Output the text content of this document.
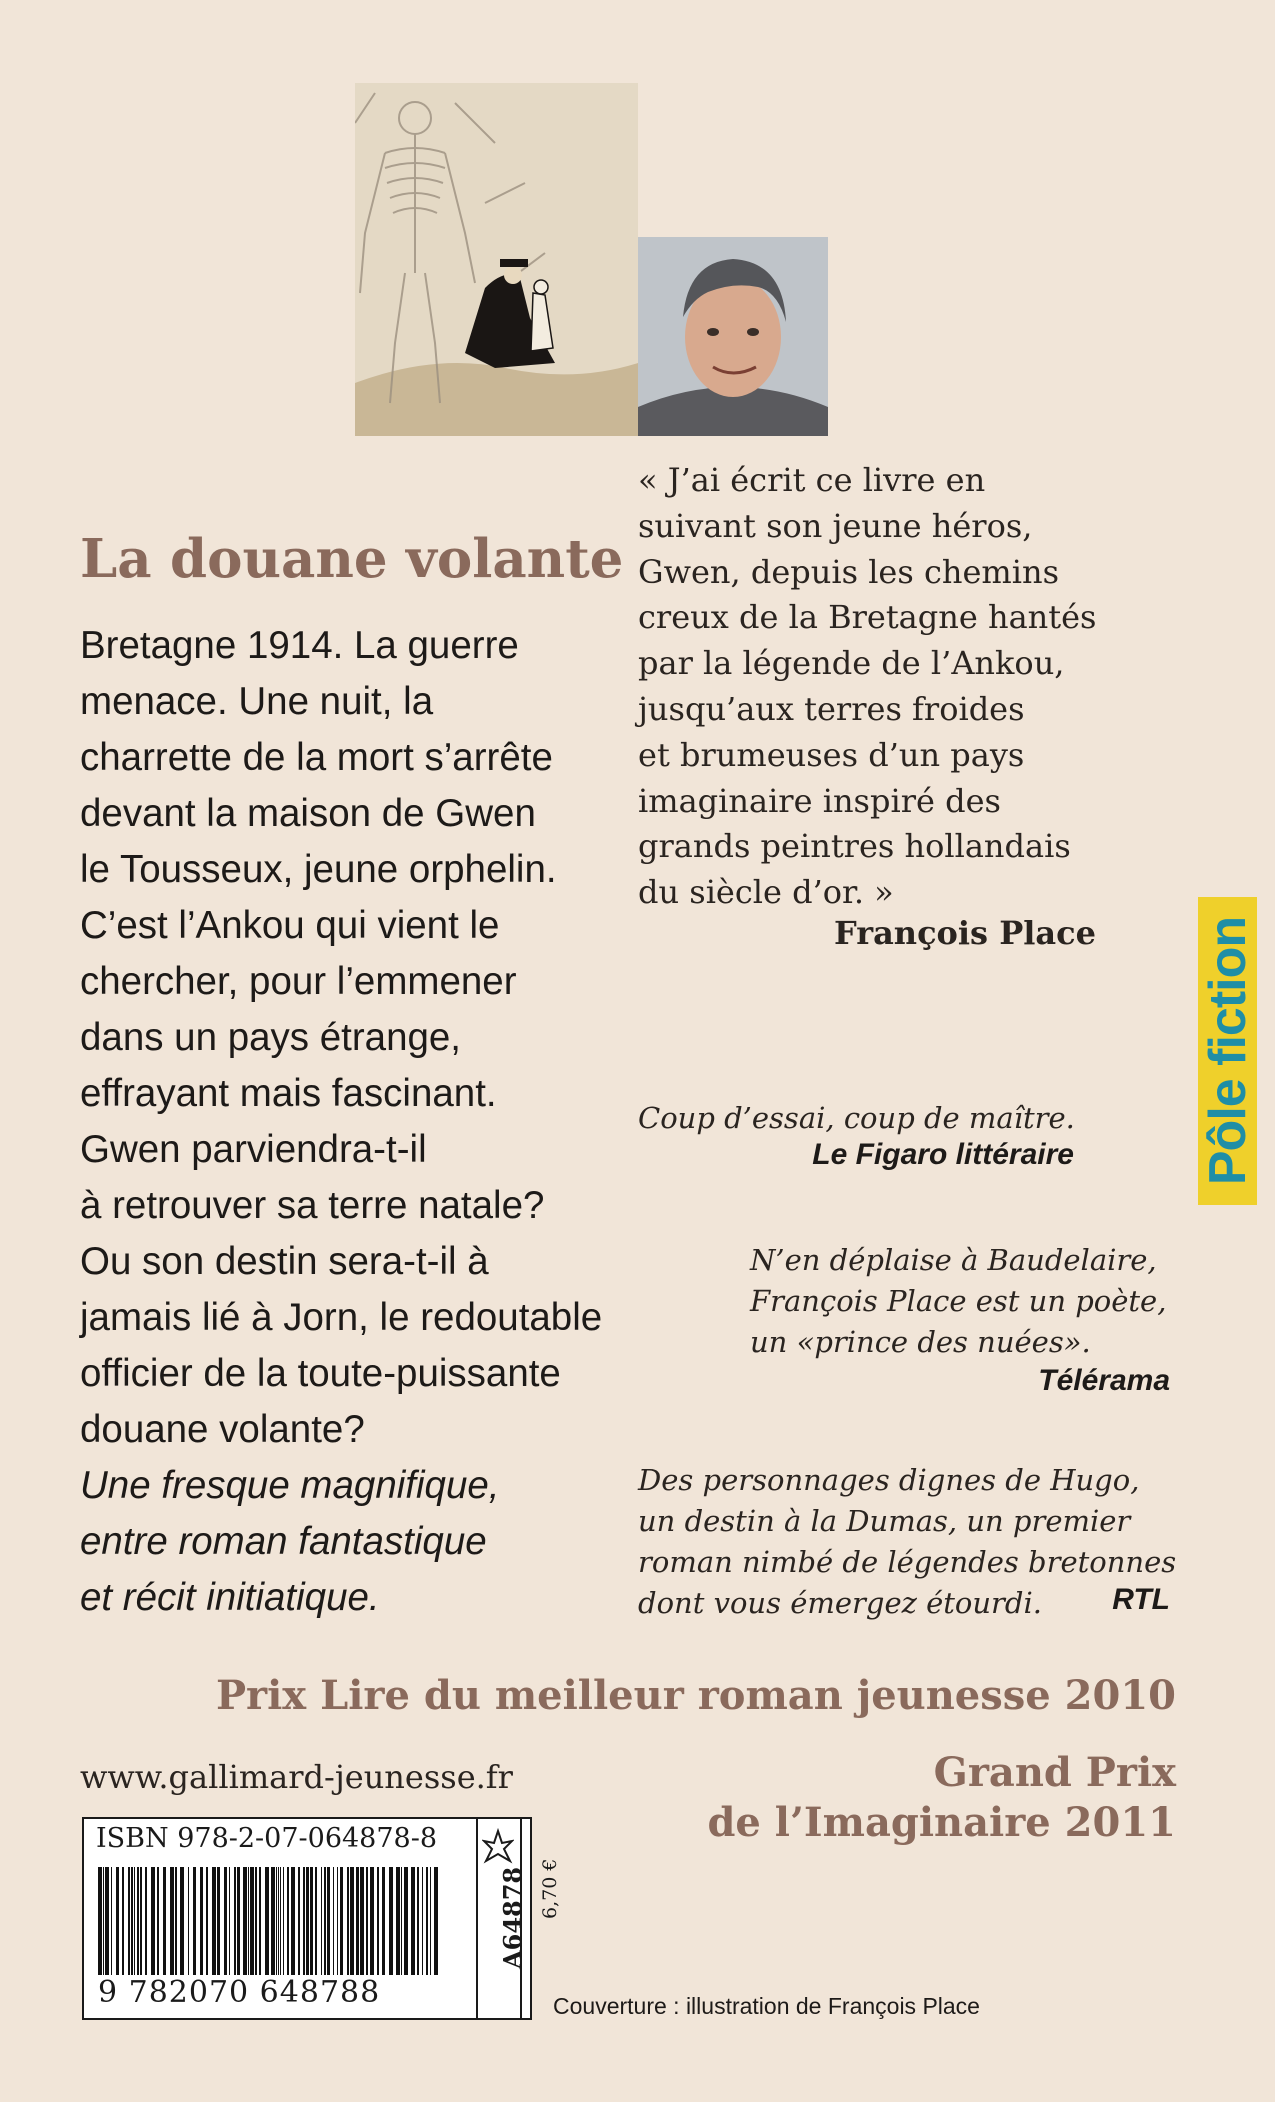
La douane volante
Bretagne 1914. La guerre
menace. Une nuit, la
charrette de la mort s’arrête
devant la maison de Gwen
le Tousseux, jeune orphelin.
C’est l’Ankou qui vient le
chercher, pour l’emmener
dans un pays étrange,
effrayant mais fascinant.
Gwen parviendra-t-il
à retrouver sa terre natale?
Ou son destin sera-t-il à
jamais lié à Jorn, le redoutable
officier de la toute-puissante
douane volante?
Une fresque magnifique,
entre roman fantastique
et récit initiatique.
« J’ai écrit ce livre en
suivant son jeune héros,
Gwen, depuis les chemins
creux de la Bretagne hantés
par la légende de l’Ankou,
jusqu’aux terres froides
et brumeuses d’un pays
imaginaire inspiré des
grands peintres hollandais
du siècle d’or. »
François Place
Coup d’essai, coup de maître.
Le Figaro littéraire
N’en déplaise à Baudelaire,
François Place est un poète,
un «prince des nuées».
Télérama
Des personnages dignes de Hugo,
un destin à la Dumas, un premier
roman nimbé de légendes bretonnes
dont vous émergez étourdi.	RTL
Pôle fiction
Prix Lire du meilleur roman jeunesse 2010
Grand Prix
de l’Imaginaire 2011
www.gallimard-jeunesse.fr
ISBN 978-2-07-064878-8
9 782070 648788
A64878 6,70 €
Couverture : illustration de François Place
